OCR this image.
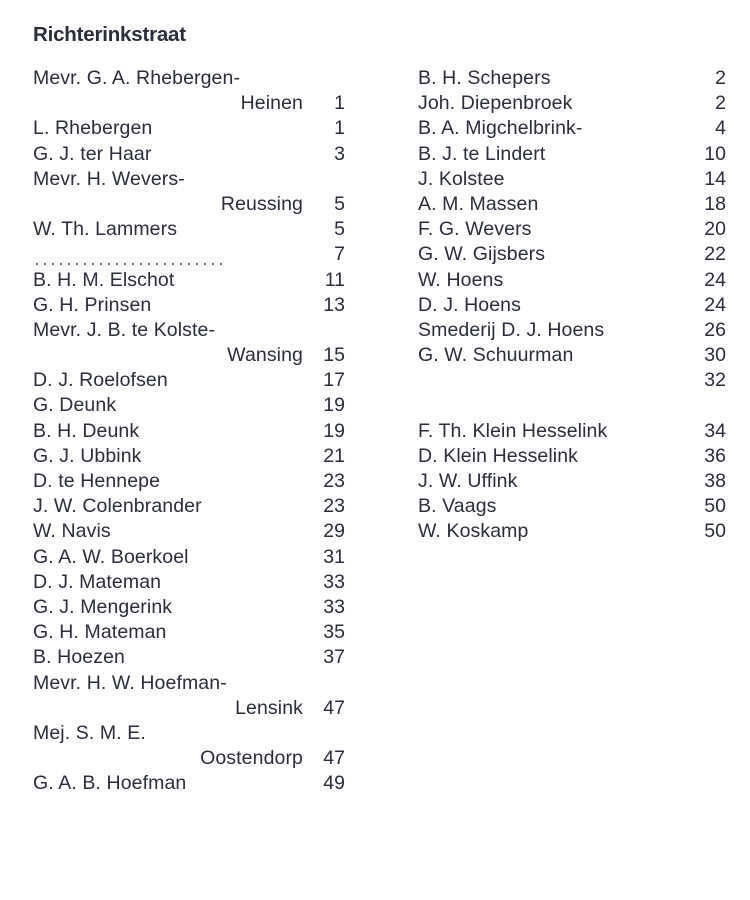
Richterinkstraat
Mevr. G. A. Rhebergen-
Heinen	1
L. Rhebergen	1
G. J. ter Haar	3
Mevr. H. Wevers-
Reussing	5
W. Th. Lammers	5
7
B. H. M. Elschot	11
G. H. Prinsen	13
Mevr. J. B. te Kolste-
Wansing	15
D. J. Roelofsen	17
G. Deunk	19
B. H. Deunk	19
G. J. Ubbink	21
D. te Hennepe	23
J. W. Colenbrander	23
W. Navis	29
G. A. W. Boerkoel	31
D. J. Mateman	33
G. J. Mengerink	33
G. H. Mateman	35
B. Hoezen	37
Mevr. H. W. Hoefman-
Lensink	47
Mej. S. M. E.
Oostendorp	47
G. A. B. Hoefman	49
B. H. Schepers	2
Joh. Diepenbroek	2
B. A. Migchelbrink-	4
B. J. te Lindert	10
J. Kolstee	14
A. M. Massen	18
F. G. Wevers	20
G. W. Gijsbers	22
W. Hoens	24
D. J. Hoens	24
Smederij D. J. Hoens	26
G. W. Schuurman	30
32
F. Th. Klein Hesselink	34
D. Klein Hesselink	36
J. W. Uffink	38
B. Vaags	50
W. Koskamp	50
